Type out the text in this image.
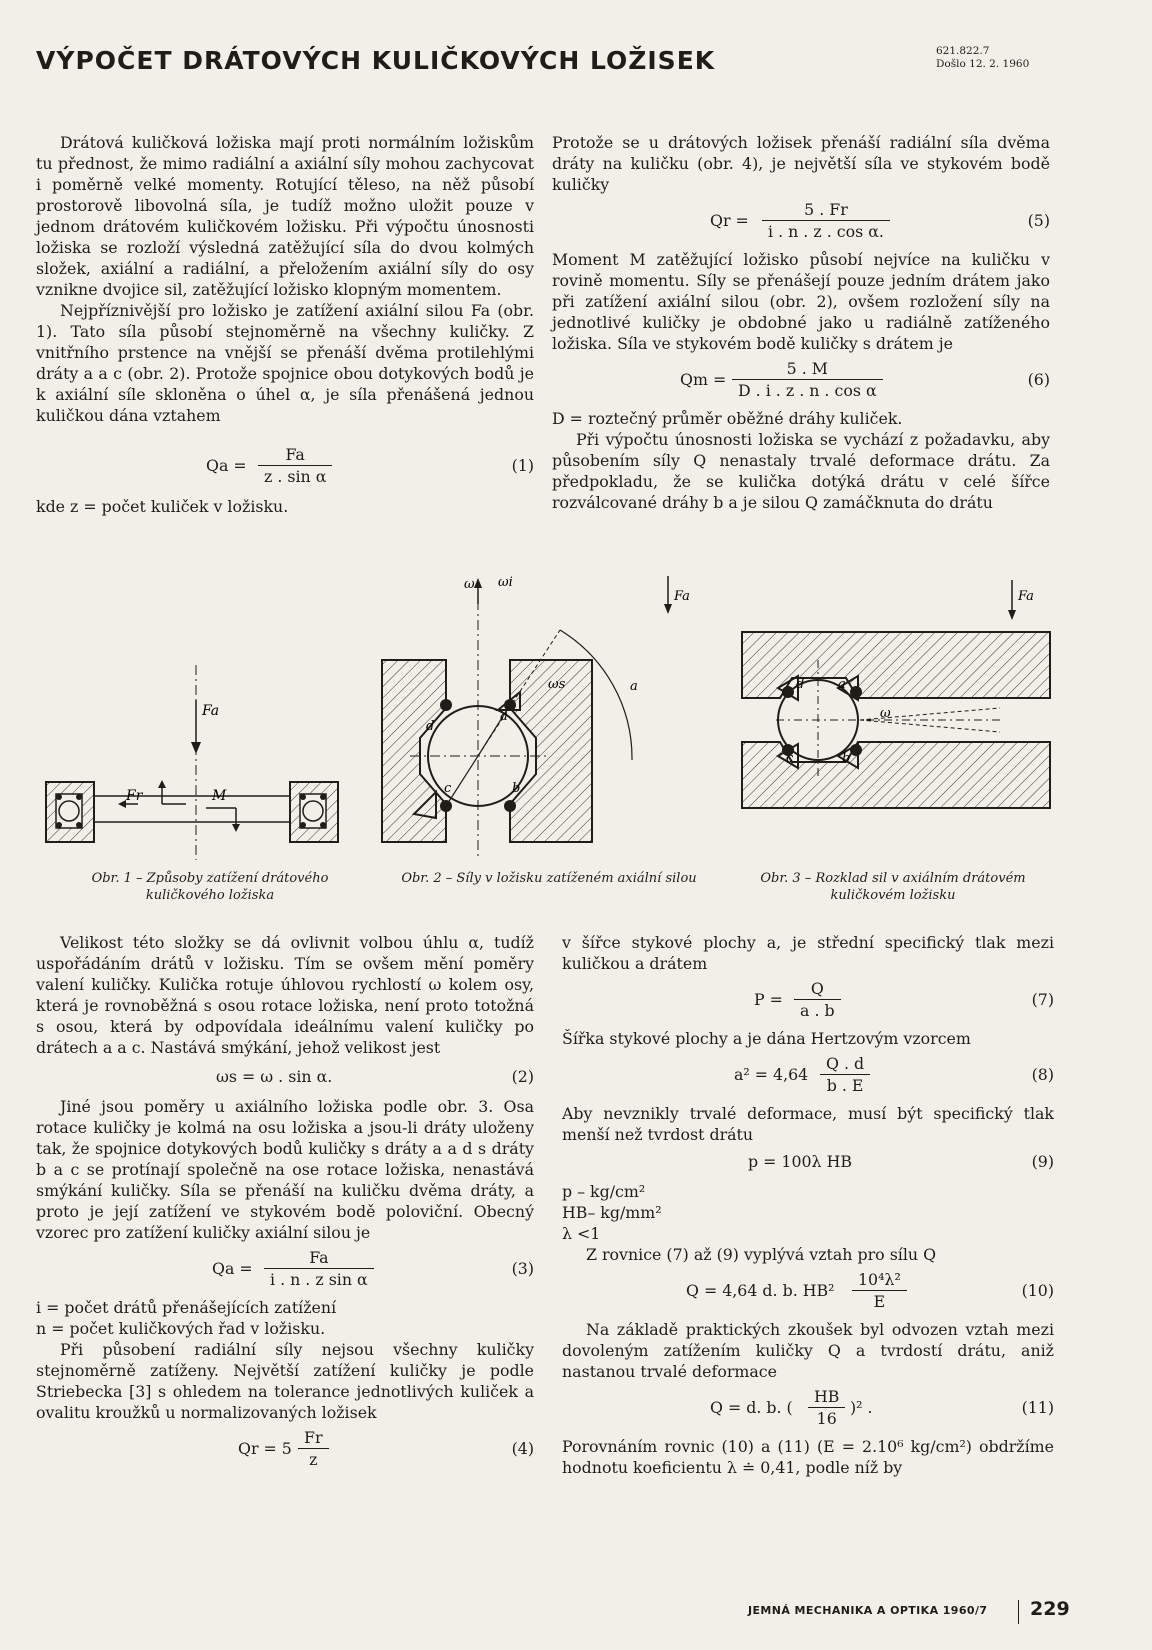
VÝPOČET DRÁTOVÝCH KULIČKOVÝCH LOŽISEK	621.822.7
Došlo 12. 2. 1960

Drátová kuličková ložiska mají proti normálním ložiskům tu přednost, že mimo radiální a axiální síly mohou zachycovat i poměrně velké momenty. Rotující těleso, na něž působí prostorově libovolná síla, je tudíž možno uložit pouze v jednom drátovém kuličkovém ložisku. Při výpočtu únosnosti ložiska se rozloží výsledná zatěžující síla do dvou kolmých složek, axiální a radiální, a přeložením axiální síly do osy vznikne dvojice sil, zatěžující ložisko klopným momentem.

Nejpříznivější pro ložisko je zatížení axiální silou Fa (obr. 1). Tato síla působí stejnoměrně na všechny kuličky. Z vnitřního prstence na vnější se přenáší dvěma protilehlými dráty a a c (obr. 2). Protože spojnice obou dotykových bodů je k axiální síle skloněna o úhel α, je síla přenášená jednou kuličkou dána vztahem

$Qa = \frac{Fa}{\text{z . sin α}}$	(1)

kde z = počet kuliček v ložisku.

Protože se u drátových ložisek přenáší radiální síla dvěma dráty na kuličku (obr. 4), je největší síla ve stykovém bodě kuličky

$Qr = \frac{5 . Fr}{\text{i . n . z . cos α.}}$	(5)

Moment M zatěžující ložisko působí nejvíce na kuličku v rovině momentu. Síly se přenášejí pouze jedním drátem jako při zatížení axiální silou (obr. 2), ovšem rozložení síly na jednotlivé kuličky je obdobné jako u radiálně zatíženého ložiska. Síla ve stykovém bodě kuličky s drátem je

$Qm = \frac{5 . M}{\text{D . i . z . n . cos α}}$	(6)

D = roztečný průměr oběžné dráhy kuliček.

Při výpočtu únosnosti ložiska se vychází z požadavku, aby působením síly Q nenastaly trvalé deformace drátu. Za předpokladu, že se kulička dotýká drátu v celé šířce rozválcované dráhy b a je silou Q zamáčknuta do drátu

Fa
Fr	M
d
a
c	b
ω ωi
ωs	a	d	a
c	b
ω
Fa
Fa
Obr. 1 – Způsoby zatížení drátového kuličkového ložiska
Obr. 2 – Síly v ložisku zatíženém axiální silou	Obr. 3 – Rozklad sil v axiálním drátovém kuličkovém ložisku

Velikost této složky se dá ovlivnit volbou úhlu α, tudíž uspořádáním drátů v ložisku. Tím se ovšem mění poměry valení kuličky. Kulička rotuje úhlovou rychlostí ω kolem osy, která je rovnoběžná s osou rotace ložiska, není proto totožná s osou, která by odpovídala ideálnímu valení kuličky po drátech a a c. Nastává smýkání, jehož velikost jest

ωs = ω . sin α.	(2)

Jiné jsou poměry u axiálního ložiska podle obr. 3. Osa rotace kuličky je kolmá na osu ložiska a jsou-li dráty uloženy tak, že spojnice dotykových bodů kuličky s dráty a a d s dráty b a c se protínají společně na ose rotace ložiska, nenastává smýkání kuličky. Síla se přenáší na kuličku dvěma dráty, a proto je její zatížení ve stykovém bodě poloviční. Obecný vzorec pro zatížení kuličky axiální silou je

$Qa = \frac{Fa}{\text{i . n . z sin α}}$	(3)

i = počet drátů přenášejících zatížení

n = počet kuličkových řad v ložisku.

Při působení radiální síly nejsou všechny kuličky stejnoměrně zatíženy. Největší zatížení kuličky je podle Striebecka [3] s ohledem na tolerance jednotlivých kuliček a ovalitu kroužků u normalizovaných ložisek

$Qr = 5 \frac{Fr}{z}$	(4)

v šířce stykové plochy a, je střední specifický tlak mezi kuličkou a drátem

$P = \frac{Q}{a . b}$	(7)

Šířka stykové plochy a je dána Hertzovým vzorcem

$a^2 = 4,64 \frac{Q . d}{b . E}$	(8)

Aby nevznikly trvalé deformace, musí být specifický tlak menší než tvrdost drátu

p = 100λ HB	(9)

p – kg/cm²

HB– kg/mm²

λ <1

Z rovnice (7) až (9) vyplývá vztah pro sílu Q

Q = 4,64 d. b. $HB^2 \frac{\text{10⁴λ²}}{E}$	(10)

Na základě praktických zkoušek byl odvozen vztah mezi dovoleným zatížením kuličky Q a tvrdostí drátu, aniž nastanou trvalé deformace

Q = d. b. ( $\frac{HB}{16} )^2$ .	(11)

Porovnáním rovnic (10) a (11) (E = 2.10⁶ kg/cm²) obdržíme hodnotu koeficientu λ ≐ 0,41, podle níž by

JEMNÁ MECHANIKA A OPTIKA 1960/7 229
